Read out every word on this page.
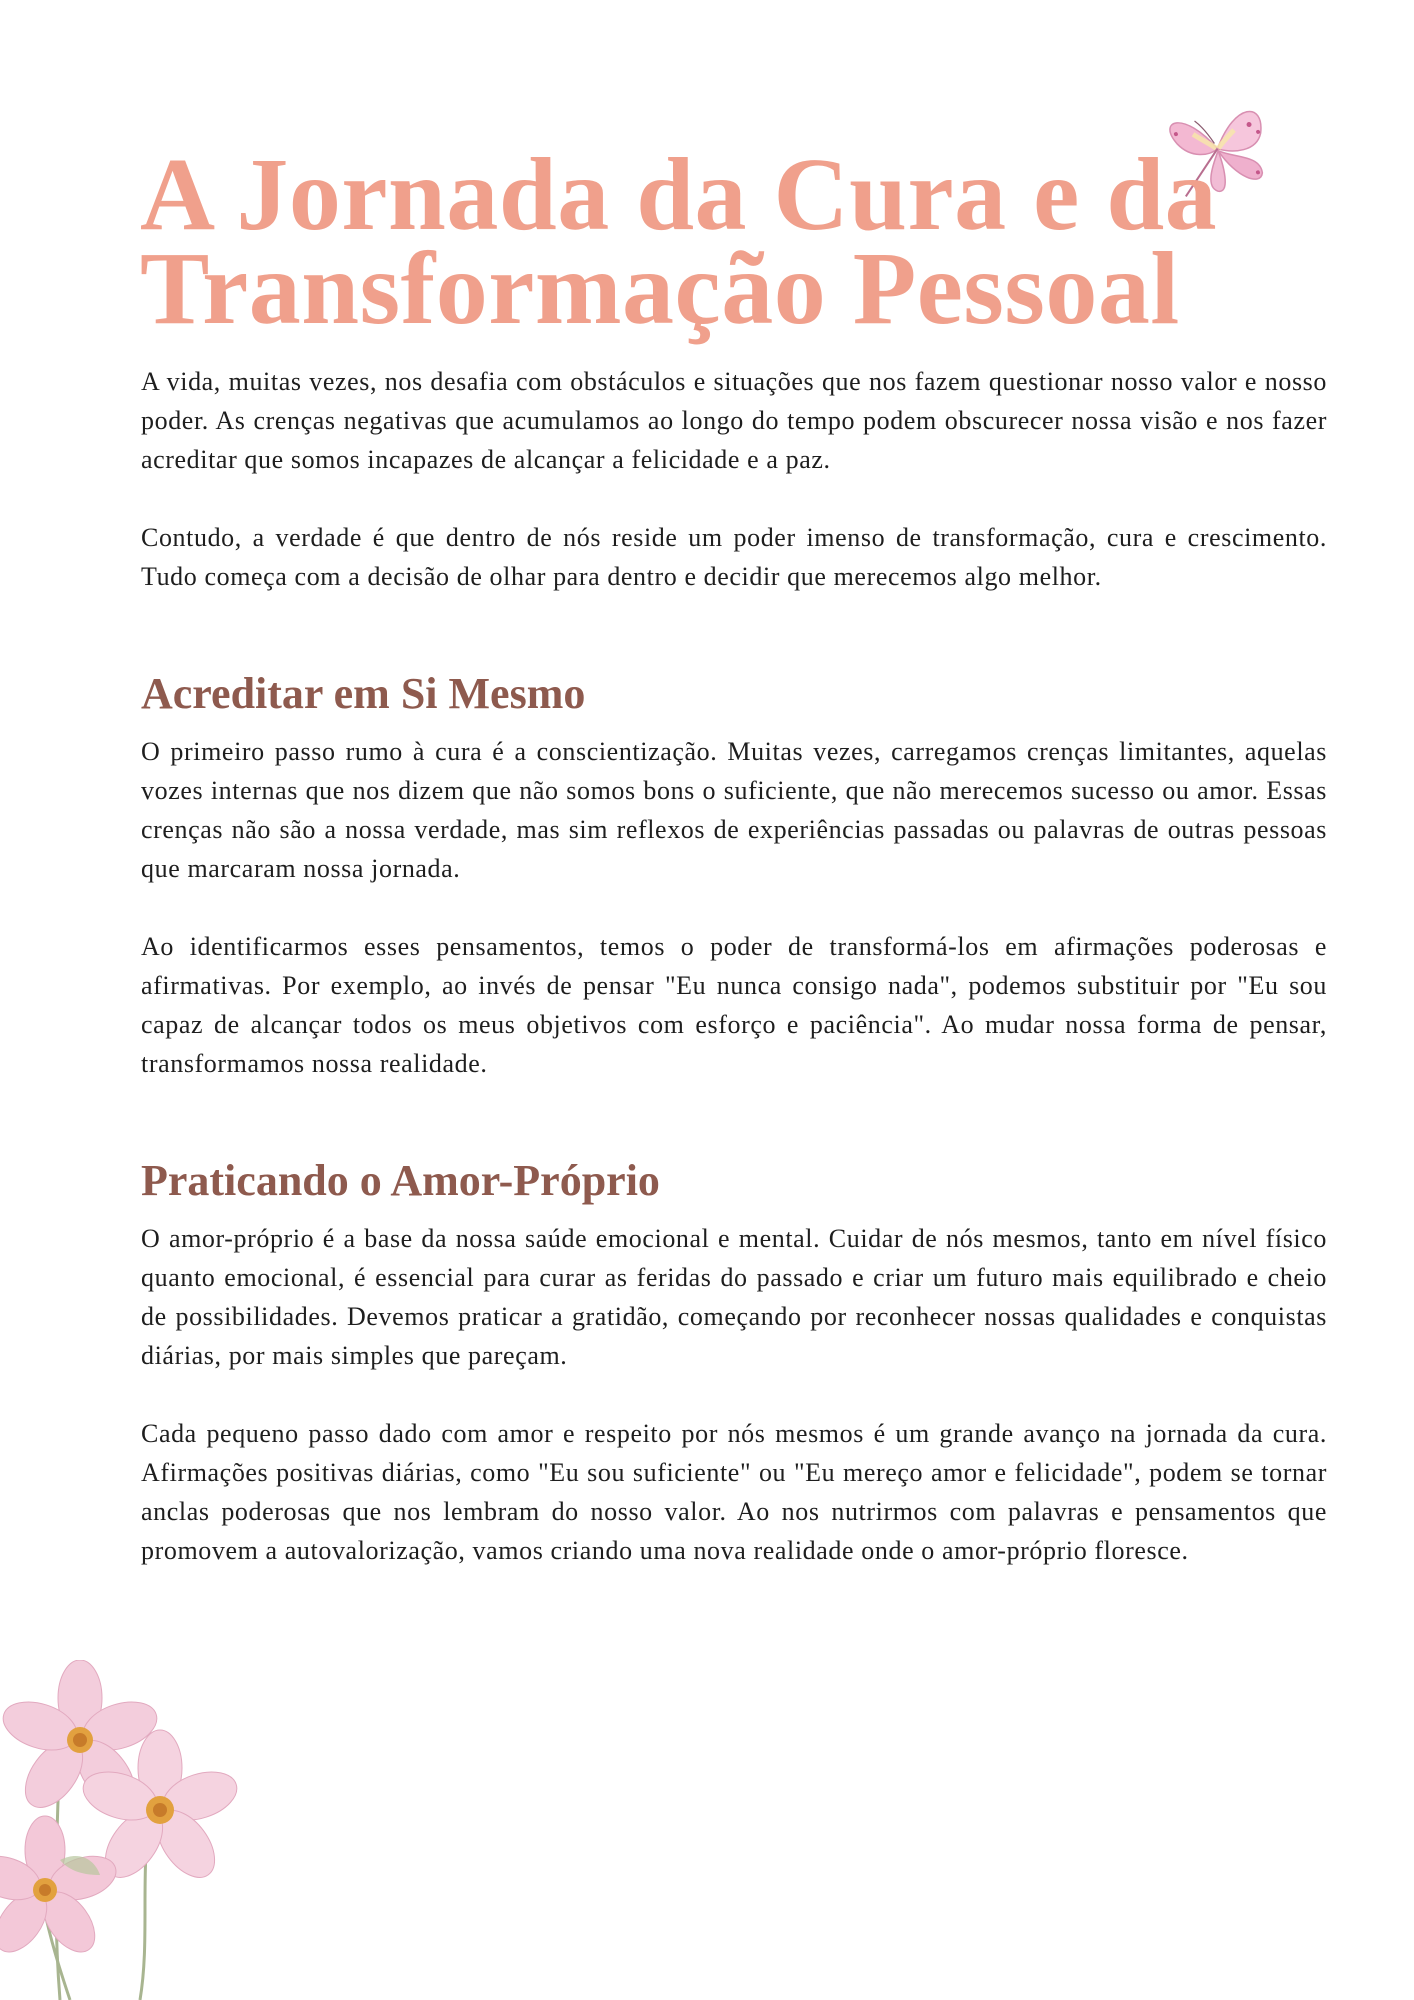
A Jornada da Cura e da
Transformação Pessoal

A vida, muitas vezes, nos desafia com obstáculos e situações que nos fazem questionar nosso valor e nosso poder. As crenças negativas que acumulamos ao longo do tempo podem obscurecer nossa visão e nos fazer acreditar que somos incapazes de alcançar a felicidade e a paz.

Contudo, a verdade é que dentro de nós reside um poder imenso de transformação, cura e crescimento. Tudo começa com a decisão de olhar para dentro e decidir que merecemos algo melhor.

Acreditar em Si Mesmo

O primeiro passo rumo à cura é a conscientização. Muitas vezes, carregamos crenças limitantes, aquelas vozes internas que nos dizem que não somos bons o suficiente, que não merecemos sucesso ou amor. Essas crenças não são a nossa verdade, mas sim reflexos de experiências passadas ou palavras de outras pessoas que marcaram nossa jornada.

Ao identificarmos esses pensamentos, temos o poder de transformá-los em afirmações poderosas e afirmativas. Por exemplo, ao invés de pensar "Eu nunca consigo nada", podemos substituir por "Eu sou capaz de alcançar todos os meus objetivos com esforço e paciência". Ao mudar nossa forma de pensar, transformamos nossa realidade.

Praticando o Amor-Próprio

O amor-próprio é a base da nossa saúde emocional e mental. Cuidar de nós mesmos, tanto em nível físico quanto emocional, é essencial para curar as feridas do passado e criar um futuro mais equilibrado e cheio de possibilidades. Devemos praticar a gratidão, começando por reconhecer nossas qualidades e conquistas diárias, por mais simples que pareçam.

Cada pequeno passo dado com amor e respeito por nós mesmos é um grande avanço na jornada da cura. Afirmações positivas diárias, como "Eu sou suficiente" ou "Eu mereço amor e felicidade", podem se tornar anclas poderosas que nos lembram do nosso valor. Ao nos nutrirmos com palavras e pensamentos que promovem a autovalorização, vamos criando uma nova realidade onde o amor-próprio floresce.
